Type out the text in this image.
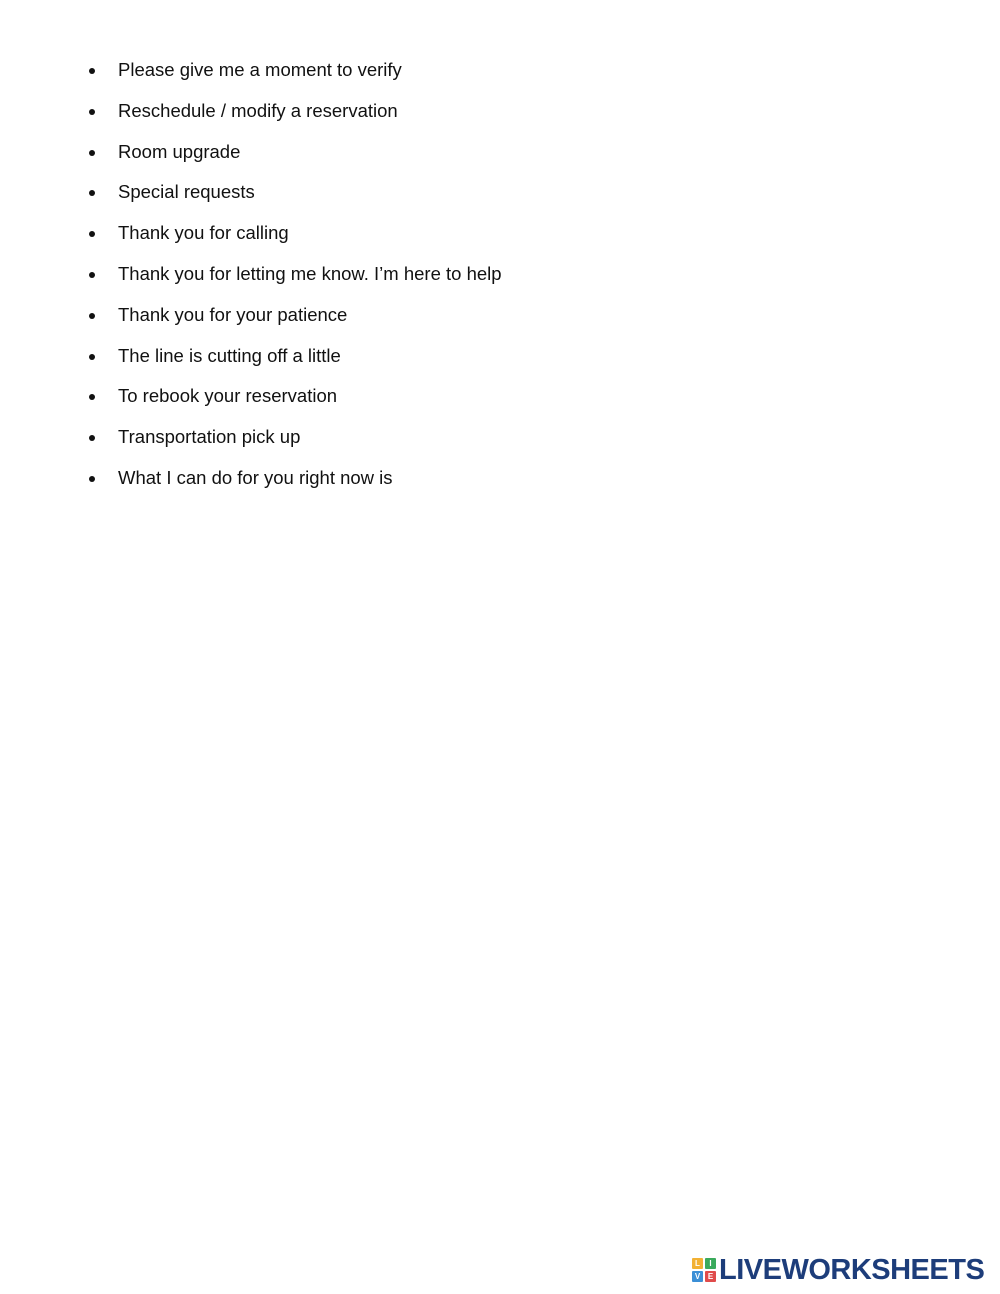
Please give me a moment to verify
Reschedule / modify a reservation
Room upgrade
Special requests
Thank you for calling
Thank you for letting me know. I’m here to help
Thank you for your patience
The line is cutting off a little
To rebook your reservation
Transportation pick up
What I can do for you right now is
L	I
V E LIVEWORKSHEETS
